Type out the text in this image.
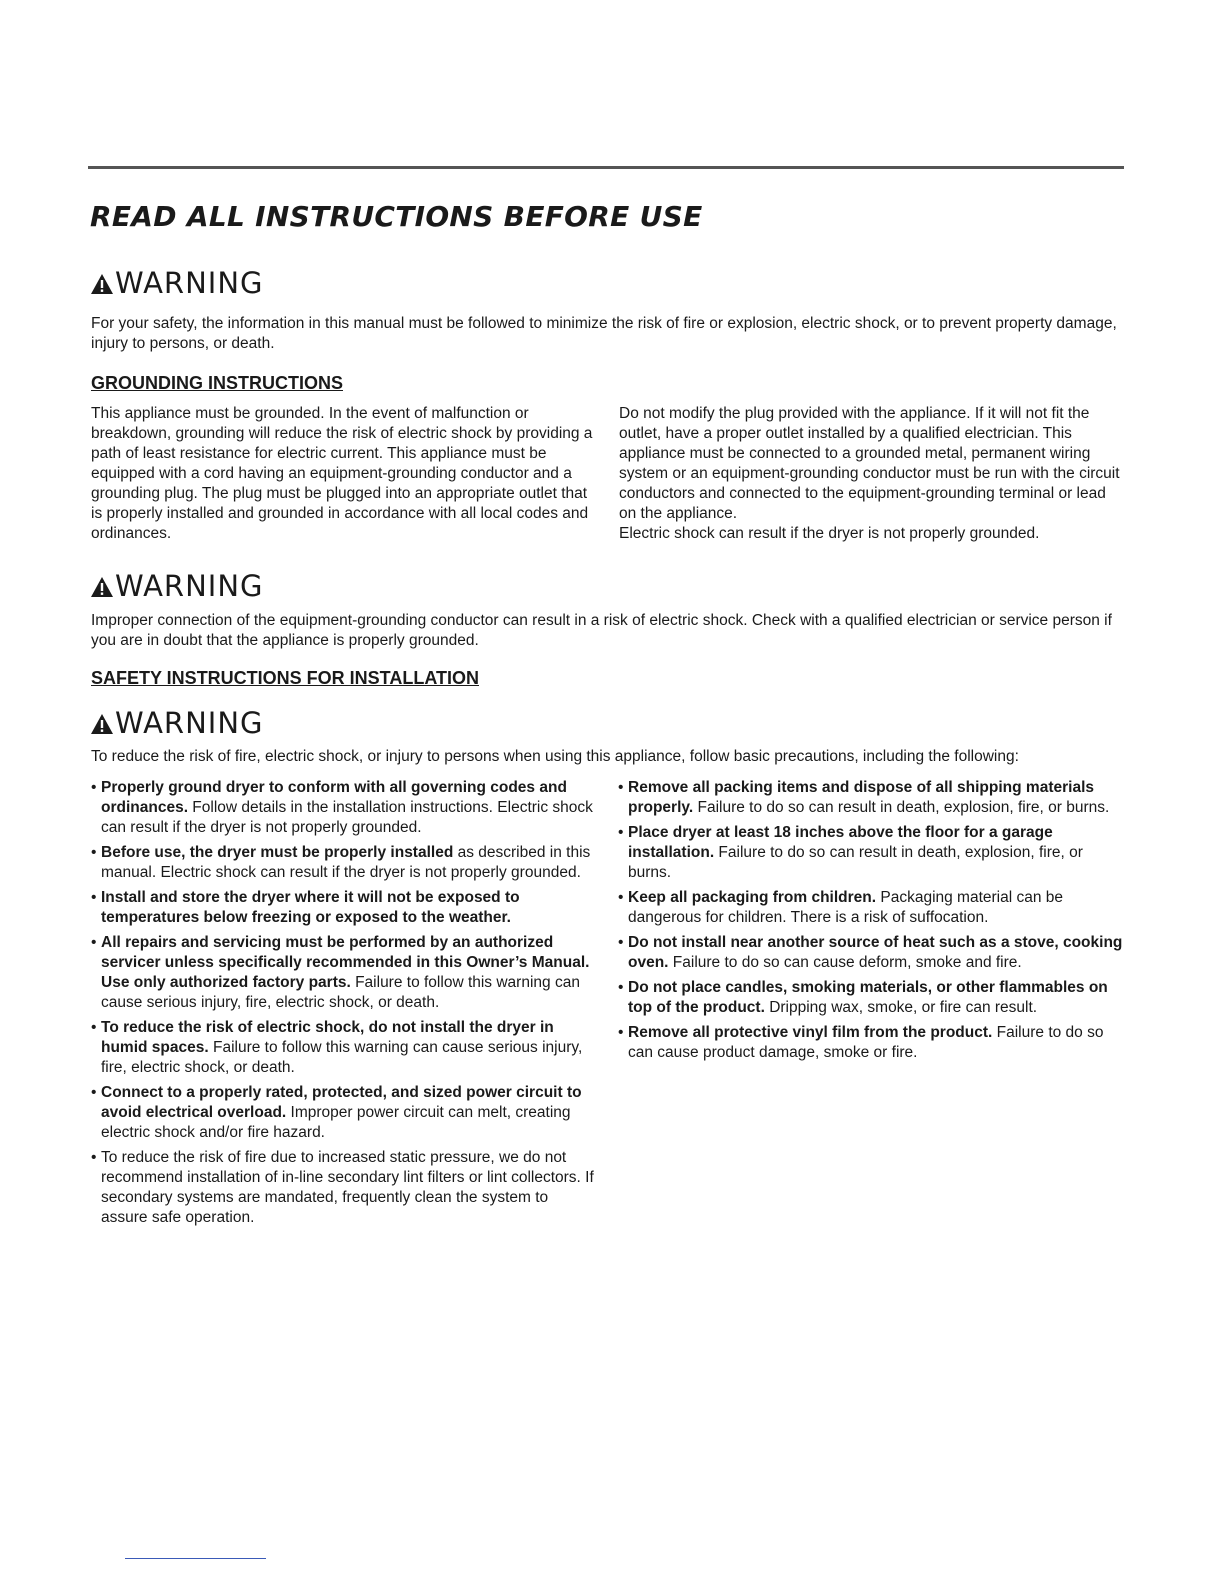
READ ALL INSTRUCTIONS BEFORE USE
WARNING

For your safety, the information in this manual must be followed to minimize the risk of fire or explosion, electric shock, or to prevent property damage, injury to persons, or death.

GROUNDING INSTRUCTIONS

This appliance must be grounded. In the event of malfunction or breakdown, grounding will reduce the risk of electric shock by providing a path of least resistance for electric current. This appliance must be equipped with a cord having an equipment-grounding conductor and a grounding plug. The plug must be plugged into an appropriate outlet that is properly installed and grounded in accordance with all local codes and ordinances.

Do not modify the plug provided with the appliance. If it will not fit the outlet, have a proper outlet installed by a qualified electrician. This appliance must be connected to a grounded metal, permanent wiring system or an equipment-grounding conductor must be run with the circuit conductors and connected to the equipment-grounding terminal or lead on the appliance.
Electric shock can result if the dryer is not properly grounded.
WARNING

Improper connection of the equipment-grounding conductor can result in a risk of electric shock. Check with a qualified electrician or service person if you are in doubt that the appliance is properly grounded.

SAFETY INSTRUCTIONS FOR INSTALLATION
WARNING

To reduce the risk of fire, electric shock, or injury to persons when using this appliance, follow basic precautions, including the following:

• Properly ground dryer to conform with all governing codes and ordinances. Follow details in the installation instructions. Electric shock can result if the dryer is not properly grounded.
• Before use, the dryer must be properly installed as described in this manual. Electric shock can result if the dryer is not properly grounded.
• Install and store the dryer where it will not be exposed to temperatures below freezing or exposed to the weather.
• All repairs and servicing must be performed by an authorized servicer unless specifically recommended in this Owner’s Manual. Use only authorized factory parts. Failure to follow this warning can cause serious injury, fire, electric shock, or death.
• To reduce the risk of electric shock, do not install the dryer in humid spaces. Failure to follow this warning can cause serious injury, fire, electric shock, or death.
• Connect to a properly rated, protected, and sized power circuit to avoid electrical overload. Improper power circuit can melt, creating electric shock and/or fire hazard.
• To reduce the risk of fire due to increased static pressure, we do not recommend installation of in-line secondary lint filters or lint collectors. If secondary systems are mandated, frequently clean the system to assure safe operation.
• Remove all packing items and dispose of all shipping materials properly. Failure to do so can result in death, explosion, fire, or burns.
• Place dryer at least 18 inches above the floor for a garage installation. Failure to do so can result in death, explosion, fire, or burns.
• Keep all packaging from children. Packaging material can be dangerous for children. There is a risk of suffocation.
• Do not install near another source of heat such as a stove, cooking oven. Failure to do so can cause deform, smoke and fire.
• Do not place candles, smoking materials, or other flammables on top of the product. Dripping wax, smoke, or fire can result.
• Remove all protective vinyl film from the product. Failure to do so can cause product damage, smoke or fire.
